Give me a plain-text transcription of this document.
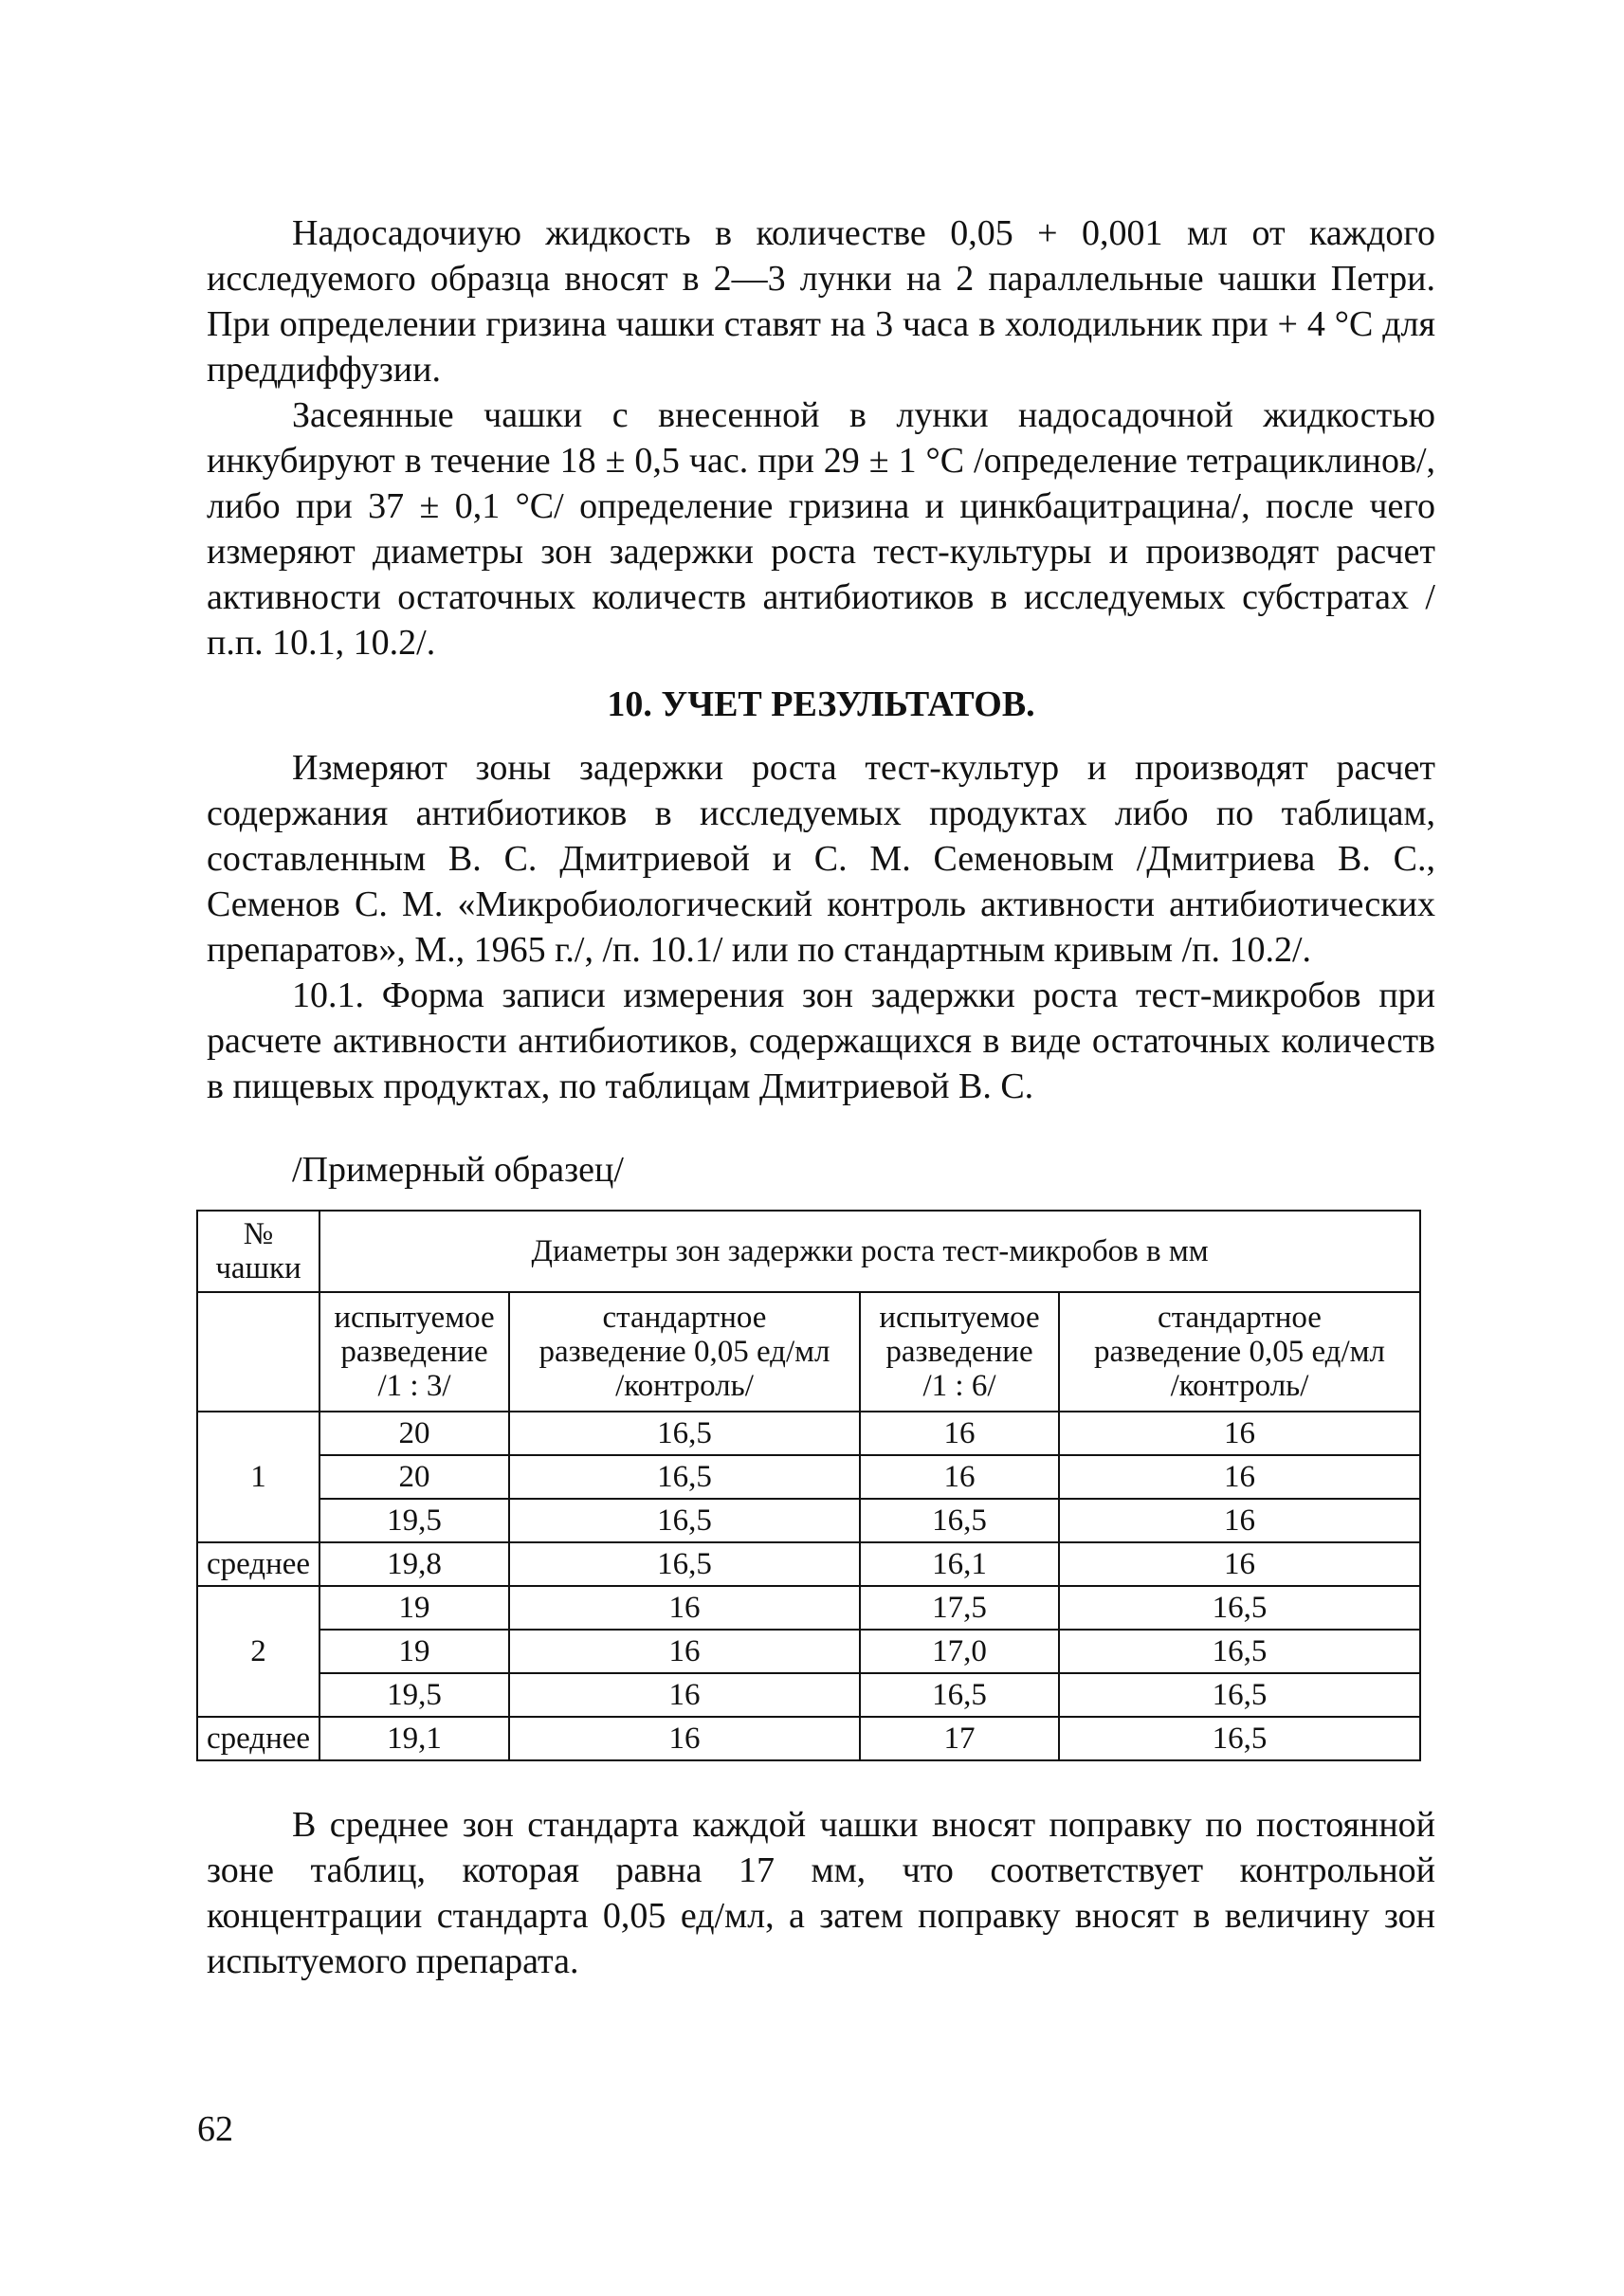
Надосадочиую жидкость в количестве 0,05 + 0,001 мл от каждого исследуемого образца вносят в 2—3 лунки на 2 параллельные чашки Петри. При определении гризина чашки ставят на 3 часа в холодильник при + 4 °С для преддиффузии.

Засеянные чашки с внесенной в лунки надосадочной жидкостью инкубируют в течение 18 ± 0,5 час. при 29 ± 1 °С /определение тетрациклинов/, либо при 37 ± 0,1 °С/ определение гризина и цинкбацитрацина/, после чего измеряют диаметры зон задержки роста тест-культуры и производят расчет активности остаточных количеств антибиотиков в исследуемых субстратах /п.п. 10.1, 10.2/.

10. УЧЕТ РЕЗУЛЬТАТОВ.

Измеряют зоны задержки роста тест-культур и производят расчет содержания антибиотиков в исследуемых продуктах либо по таблицам, составленным В. С. Дмитриевой и С. М. Семеновым /Дмитриева В. С., Семенов С. М. «Микробиологический контроль активности антибиотических препаратов», М., 1965 г./, /п. 10.1/ или по стандартным кривым /п. 10.2/.

10.1. Форма записи измерения зон задержки роста тест-микробов при расчете активности антибиотиков, содержащихся в виде остаточных количеств в пищевых продуктах, по таблицам Дмитриевой В. С.

/Примерный образец/

№
чашки	Диаметры зон задержки роста тест-микробов в мм			

	испытуемое
разведение
/1 : 3/	стандартное
разведение 0,05 ед/мл
/контроль/	испытуемое
разведение
/1 : 6/	стандартное
разведение 0,05 ед/мл
/контроль/

1	20	16,5	16	16
	20	16,5	16	16
	19,5	16,5	16,5	16
среднее	19,8	16,5	16,1	16
2	19	16	17,5	16,5
	19	16	17,0	16,5
	19,5	16	16,5	16,5
среднее	19,1	16	17	16,5

В среднее зон стандарта каждой чашки вносят поправку по постоянной зоне таблиц, которая равна 17 мм, что соответствует контрольной концентрации стандарта 0,05 ед/мл, а затем поправку вносят в величину зон испытуемого препарата.

62
